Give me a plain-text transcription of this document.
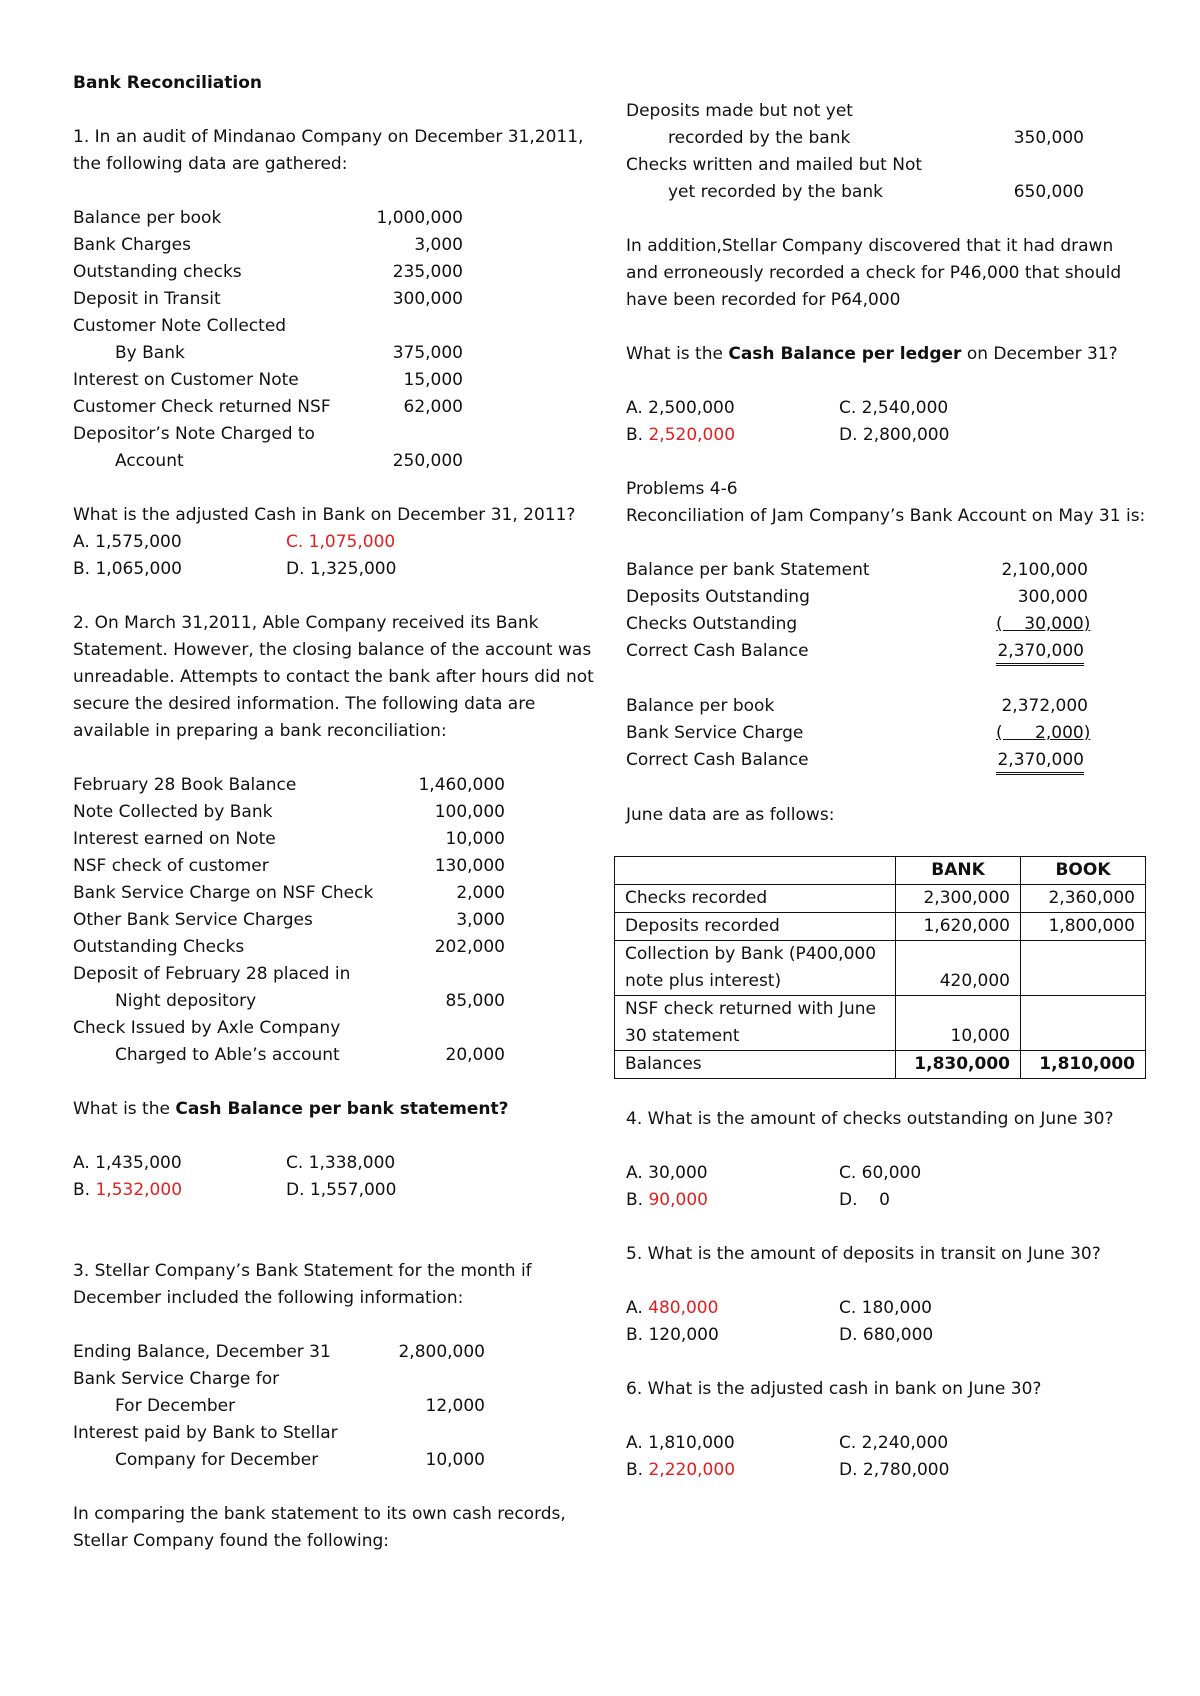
Bank Reconciliation

1. In an audit of Mindanao Company on December 31,2011, the following data are gathered:

Balance per book	1,000,000
Bank Charges	3,000
Outstanding checks	235,000
Deposit in Transit	300,000
Customer Note Collected
By Bank	375,000
Interest on Customer Note	15,000
Customer Check returned NSF	62,000
Depositor’s Note Charged to
Account	250,000

What is the adjusted Cash in Bank on December 31, 2011?

A. 1,575,000	C. 1,075,000
B. 1,065,000	D. 1,325,000

2. On March 31,2011, Able Company received its Bank Statement. However, the closing balance of the account was unreadable. Attempts to contact the bank after hours did not secure the desired information. The following data are available in preparing a bank reconciliation:

February 28 Book Balance	1,460,000
Note Collected by Bank	100,000
Interest earned on Note	10,000
NSF check of customer	130,000
Bank Service Charge on NSF Check	2,000
Other Bank Service Charges	3,000
Outstanding Checks	202,000
Deposit of February 28 placed in
Night depository	85,000
Check Issued by Axle Company
Charged to Able’s account	20,000

What is the Cash Balance per bank statement?

A. 1,435,000	C. 1,338,000
B. 1,532,000	D. 1,557,000

3. Stellar Company’s Bank Statement for the month if December included the following information:

Ending Balance, December 31	2,800,000
Bank Service Charge for
For December	12,000
Interest paid by Bank to Stellar
Company for December	10,000

In comparing the bank statement to its own cash records, Stellar Company found the following:

Deposits made but not yet
recorded by the bank	350,000
Checks written and mailed but Not
yet recorded by the bank	650,000

In addition,Stellar Company discovered that it had drawn and erroneously recorded a check for P46,000 that should have been recorded for P64,000

What is the Cash Balance per ledger on December 31?

A. 2,500,000	C. 2,540,000
B. 2,520,000	D. 2,800,000

Problems 4-6

Reconciliation of Jam Company’s Bank Account on May 31 is:

Balance per bank Statement	2,100,000
Deposits Outstanding	300,000
Checks Outstanding	(    30,000)
Correct Cash Balance	2,370,000
Balance per book	2,372,000
Bank Service Charge	(      2,000)
Correct Cash Balance	2,370,000

June data are as follows:

	BANK	BOOK
Checks recorded	2,300,000	2,360,000
Deposits recorded	1,620,000	1,800,000
Collection by Bank (P400,000 note plus interest)	420,000	
NSF check returned with June 30 statement	10,000	
Balances	1,830,000	1,810,000

4. What is the amount of checks outstanding on June 30?

A. 30,000	C. 60,000
B. 90,000	D.    0

5. What is the amount of deposits in transit on June 30?

A. 480,000	C. 180,000
B. 120,000	D. 680,000

6. What is the adjusted cash in bank on June 30?

A. 1,810,000	C. 2,240,000
B. 2,220,000	D. 2,780,000
